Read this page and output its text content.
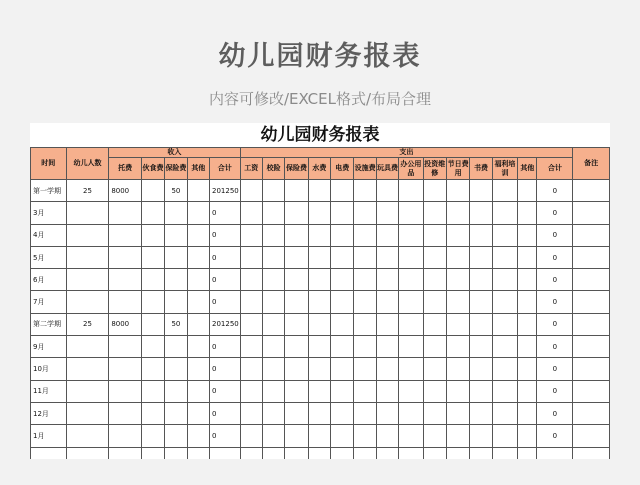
幼儿园财务报表
内容可修改/EXCEL格式/布局合理
幼儿园财务报表
时间	幼儿人数	收入					支出														备注
		托费	伙食费	保险费	其他	合计	工资	校险	保险费	水费	电费	设施费	玩具费	办公用品	投资维修	节日费用	书费	福利培训	其他	合计	
第一学期	25	8000		50		201250														0	
3月						0														0	
4月						0														0	
5月						0														0	
6月						0														0	
7月						0														0	
第二学期	25	8000		50		201250														0	
9月						0														0	
10月						0														0	
11月						0														0	
12月						0														0	
1月						0														0	
